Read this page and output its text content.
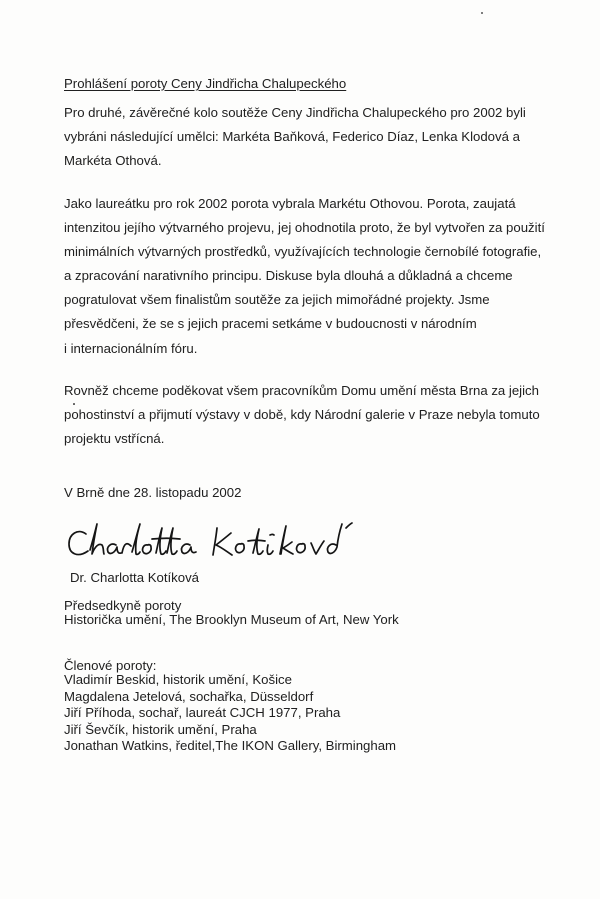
Prohlášení poroty Ceny Jindřicha Chalupeckého
Pro druhé, závěrečné kolo soutěže Ceny Jindřicha Chalupeckého pro 2002 byli
vybráni následující umělci: Markéta Baňková, Federico Díaz, Lenka Klodová a
Markéta Othová.
Jako laureátku pro rok 2002 porota vybrala Markétu Othovou. Porota, zaujatá
intenzitou jejího výtvarného projevu, jej ohodnotila proto, že byl vytvořen za použití
minimálních výtvarných prostředků, využívajících technologie černobílé fotografie,
a zpracování narativního principu. Diskuse byla dlouhá a důkladná a chceme
pogratulovat všem finalistům soutěže za jejich mimořádné projekty. Jsme
přesvědčeni, že se s jejich pracemi setkáme v budoucnosti v národním
i internacionálním fóru.
Rovněž chceme poděkovat všem pracovníkům Domu umění města Brna za jejich
pohostinství a přijmutí výstavy v době, kdy Národní galerie v Praze nebyla tomuto
projektu vstřícná.
V Brně dne 28. listopadu 2002
Dr. Charlotta Kotíková
Předsedkyně poroty
Historička umění, The Brooklyn Museum of Art, New York
Členové poroty:
Vladimír Beskid, historik umění, Košice
Magdalena Jetelová, sochařka, Düsseldorf
Jiří Příhoda, sochař, laureát CJCH 1977, Praha
Jiří Ševčík, historik umění, Praha
Jonathan Watkins, ředitel,The IKON Gallery, Birmingham
